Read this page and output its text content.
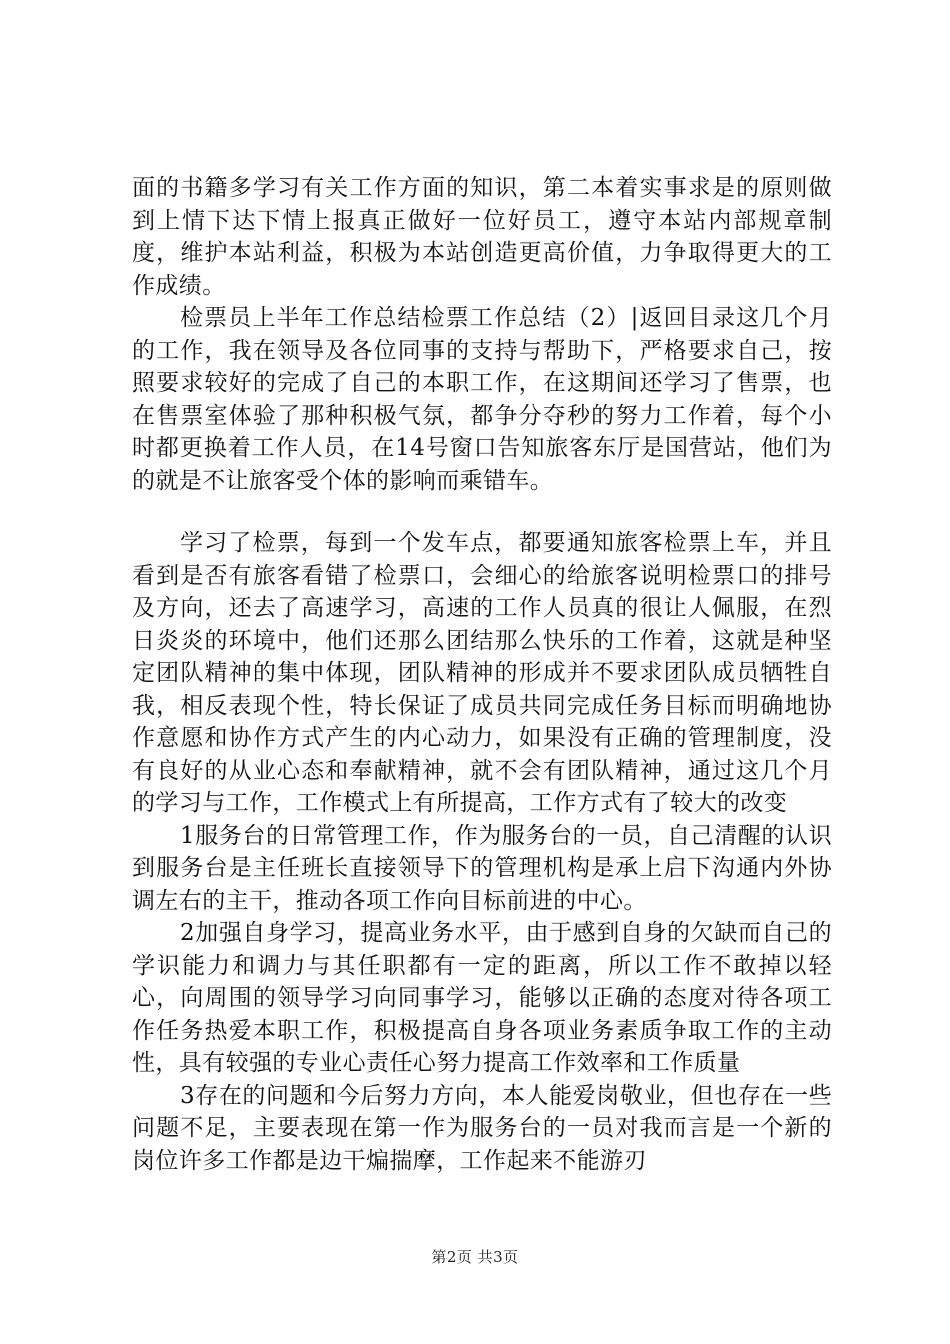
面的书籍多学习有关工作方面的知识，第二本着实事求是的原则做到上情下达下情上报真正做好一位好员工，遵守本站内部规章制度，维护本站利益，积极为本站创造更高价值，力争取得更大的工作成绩。

检票员上半年工作总结检票工作总结（2）|返回目录这几个月的工作，我在领导及各位同事的支持与帮助下，严格要求自己，按照要求较好的完成了自己的本职工作，在这期间还学习了售票，也在售票室体验了那种积极气氛，都争分夺秒的努力工作着，每个小时都更换着工作人员，在14号窗口告知旅客东厅是国营站，他们为的就是不让旅客受个体的影响而乘错车。

学习了检票，每到一个发车点，都要通知旅客检票上车，并且看到是否有旅客看错了检票口，会细心的给旅客说明检票口的排号及方向，还去了高速学习，高速的工作人员真的很让人佩服，在烈日炎炎的环境中，他们还那么团结那么快乐的工作着，这就是种坚定团队精神的集中体现，团队精神的形成并不要求团队成员牺牲自我，相反表现个性，特长保证了成员共同完成任务目标而明确地协作意愿和协作方式产生的内心动力，如果没有正确的管理制度，没有良好的从业心态和奉献精神，就不会有团队精神，通过这几个月的学习与工作，工作模式上有所提高，工作方式有了较大的改变

1服务台的日常管理工作，作为服务台的一员，自己清醒的认识到服务台是主任班长直接领导下的管理机构是承上启下沟通内外协调左右的主干，推动各项工作向目标前进的中心。

2加强自身学习，提高业务水平，由于感到自身的欠缺而自己的学识能力和调力与其任职都有一定的距离，所以工作不敢掉以轻心，向周围的领导学习向同事学习，能够以正确的态度对待各项工作任务热爱本职工作，积极提高自身各项业务素质争取工作的主动性，具有较强的专业心责任心努力提高工作效率和工作质量

3存在的问题和今后努力方向，本人能爱岗敬业，但也存在一些问题不足，主要表现在第一作为服务台的一员对我而言是一个新的岗位许多工作都是边干煸揣摩，工作起来不能游刃

第2页 共3页
